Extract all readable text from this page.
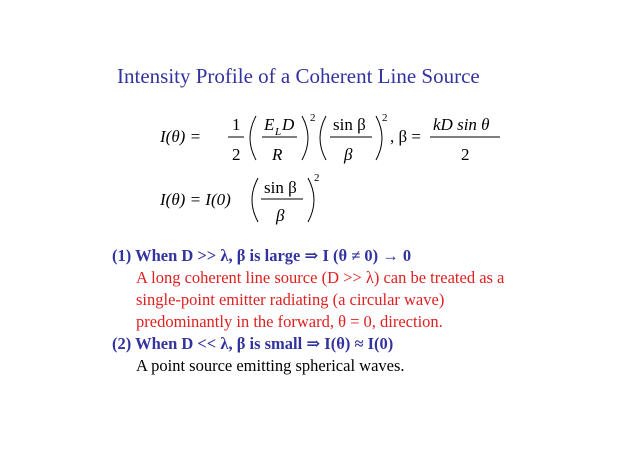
Intensity Profile of a Coherent Line Source
I(θ) =
1
2
E L D
R
2 sin β
β
2
, β =
kD sin θ
2
I(θ) = I(0)
sin β
β
2
(1) When D >> λ, β is large ⇒ I (θ ≠ 0) → 0
A long coherent line source (D >> λ) can be treated as a
single-point emitter radiating (a circular wave)
predominantly in the forward, θ = 0, direction.
(2) When D << λ, β is small ⇒ I(θ) ≈ I(0)
A point source emitting spherical waves.
